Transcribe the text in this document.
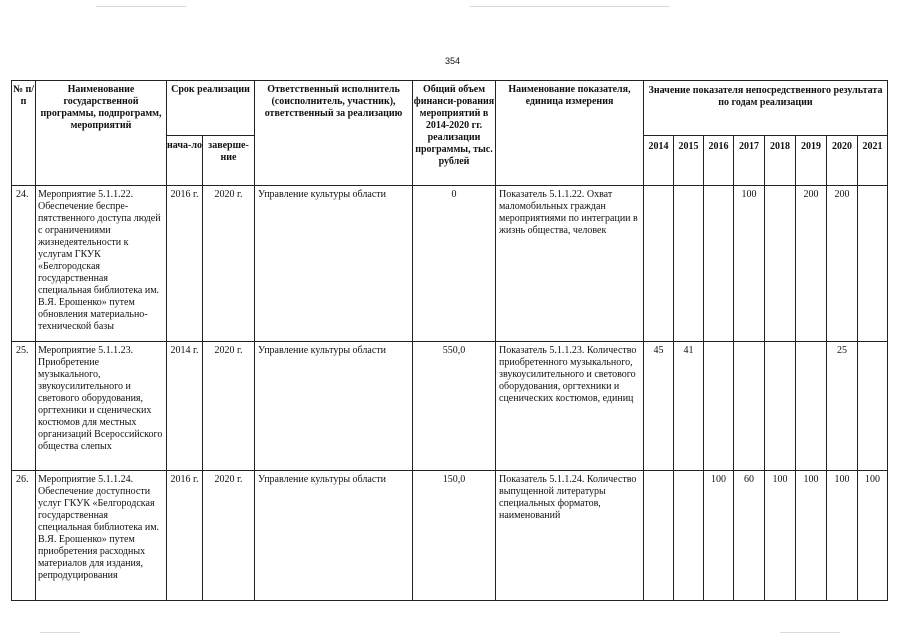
354
№ п/п	Наименование государственной программы, подпрограмм, мероприятий	Срок реализации		Ответственный исполнитель (соисполнитель, участник), ответственный за реализацию	Общий объем финанси-рования мероприятий в 2014-2020 гг. реализации программы, тыс. рублей	Наименование показателя, единица измерения	Значение показателя непосредственного результата по годам реализации							
		нача-ло	заверше-ние				2014	2015	2016	2017	2018	2019	2020	2021
24.	Мероприятие 5.1.1.22. Обеспечение беспре-пятственного доступа людей с ограничениями жизнедеятельности к услугам ГКУК «Белгородская государственная специальная библиотека им. В.Я. Ерошенко» путем обновления материально-технической базы	2016 г.	2020 г.	Управление культуры области	0	Показатель 5.1.1.22. Охват маломобильных граждан мероприятиями по интеграции в жизнь общества, человек				100		200	200	
25.	Мероприятие 5.1.1.23. Приобретение музыкального, звукоусилительного и светового оборудования, оргтехники и сценических костюмов для местных организаций Всероссийского общества слепых	2014 г.	2020 г.	Управление культуры области	550,0	Показатель 5.1.1.23. Количество приобретенного музыкального, звукоусилительного и светового оборудования, оргтехники и сценических костюмов, единиц	45	41					25	
26.	Мероприятие 5.1.1.24. Обеспечение доступности услуг ГКУК «Белгородская государственная специальная библиотека им. В.Я. Ерошенко» путем приобретения расходных материалов для издания, репродуцирования	2016 г.	2020 г.	Управление культуры области	150,0	Показатель 5.1.1.24. Количество выпущенной литературы специальных форматов, наименований			100	60	100	100	100	100
